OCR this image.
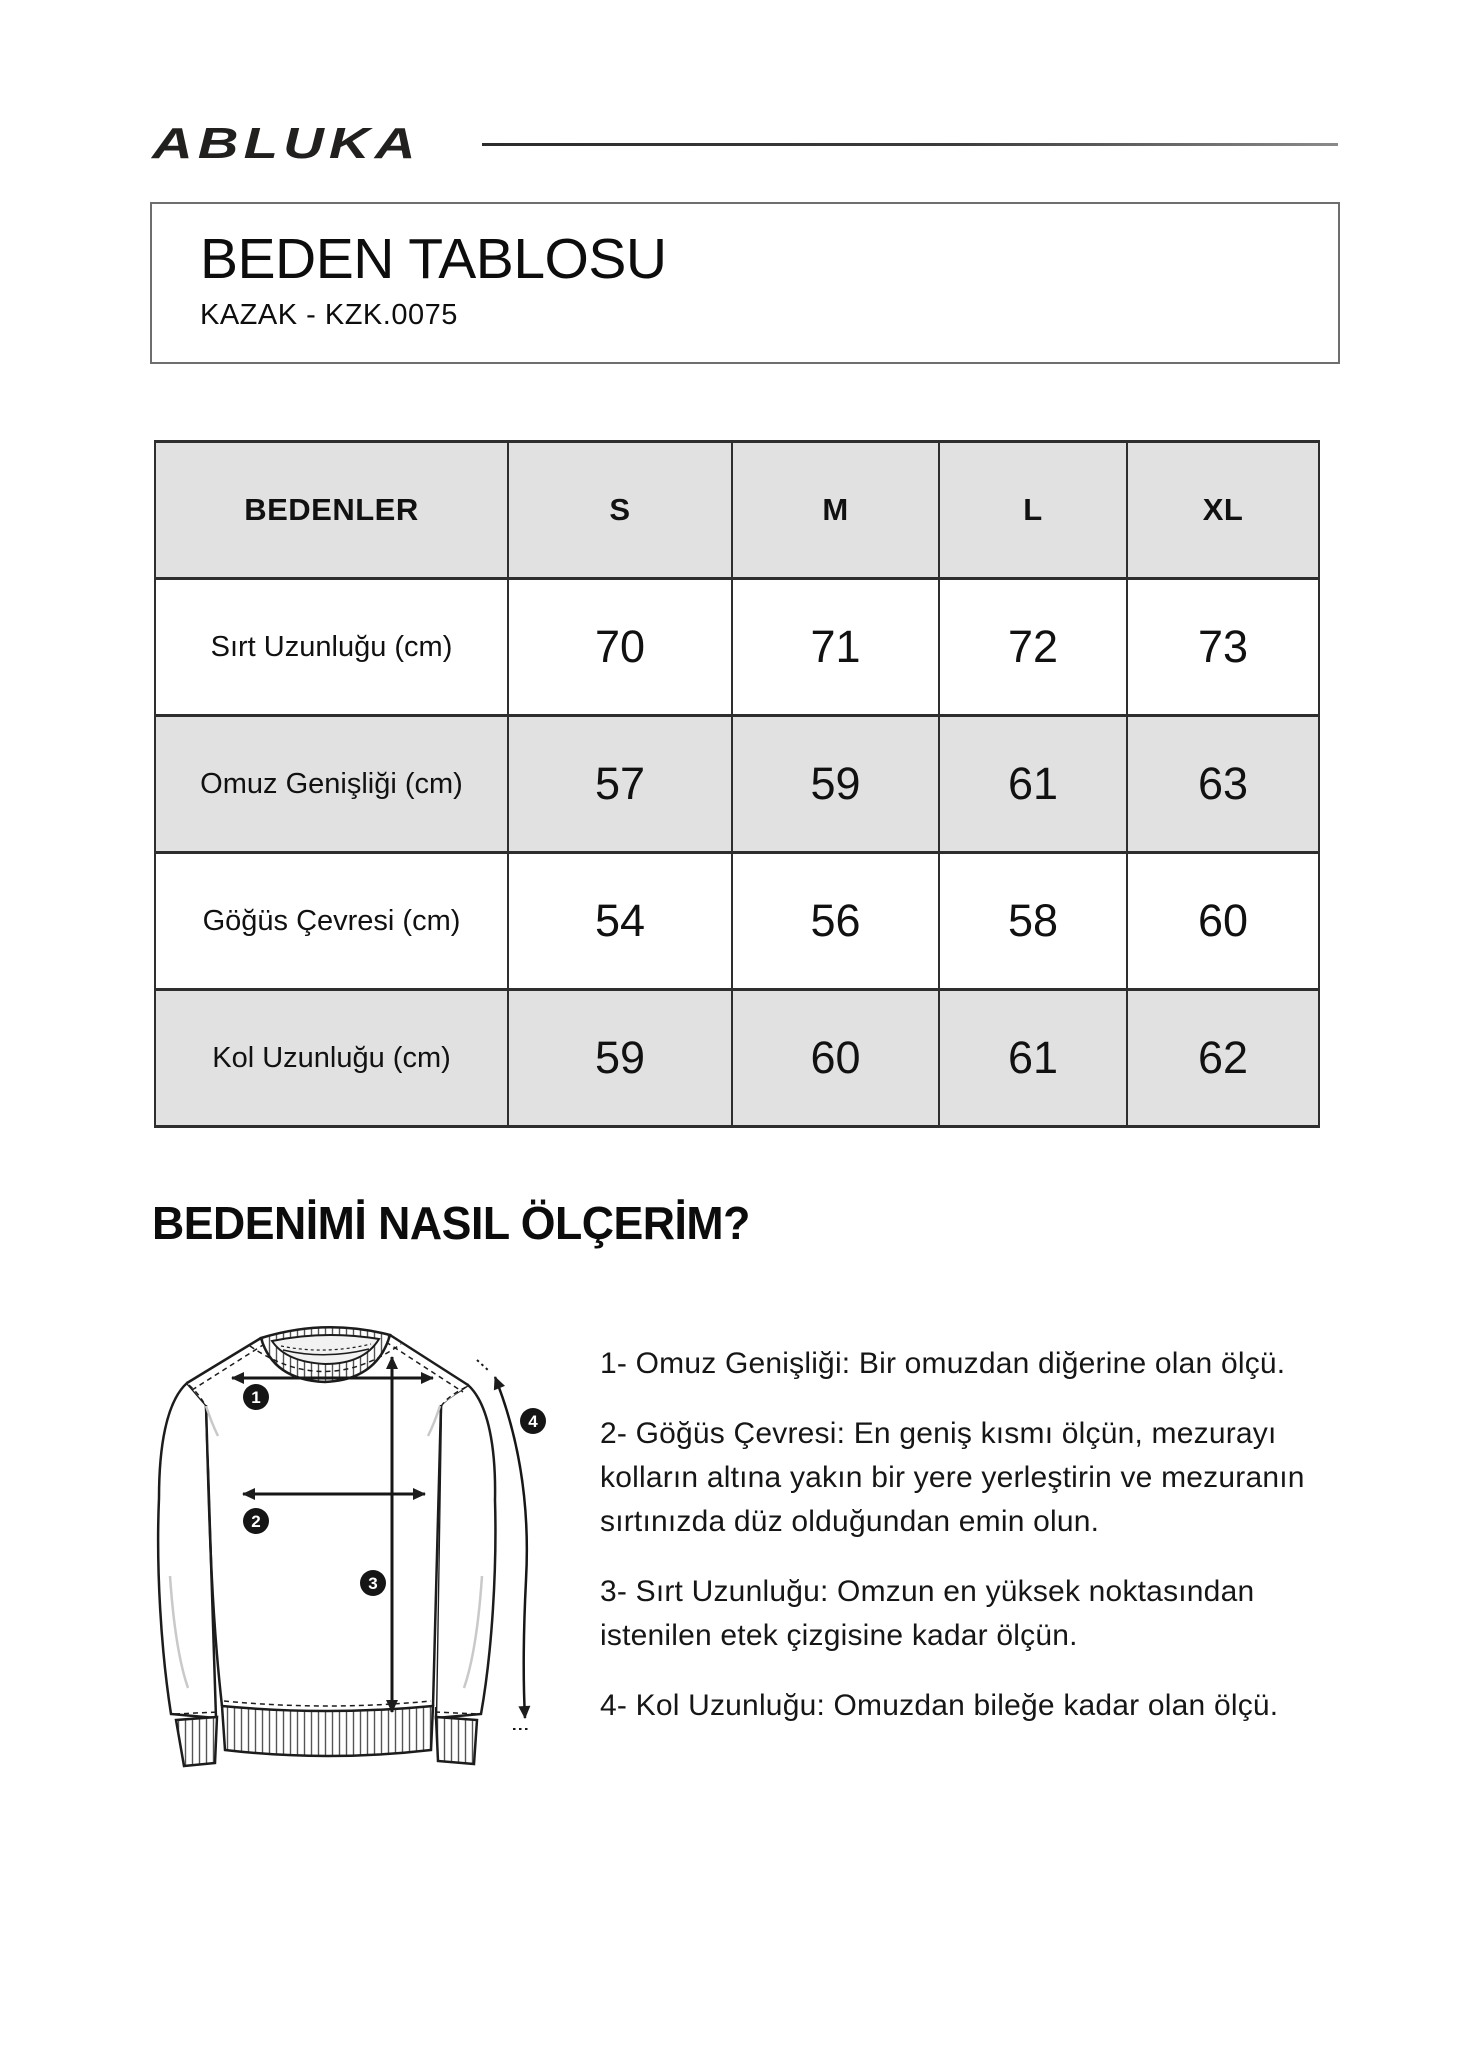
ABLUKA
BEDEN TABLOSU
KAZAK - KZK.0075
BEDENLER	S	M	L	XL
Sırt Uzunluğu (cm)	70	71	72	73
Omuz Genişliği (cm)	57	59	61	63
Göğüs Çevresi (cm)	54	56	58	60
Kol Uzunluğu (cm)	59	60	61	62
BEDENİMİ NASIL ÖLÇERİM?
1
2
3
4

1- Omuz Genişliği: Bir omuzdan diğerine olan ölçü.

2- Göğüs Çevresi: En geniş kısmı ölçün, mezurayı kolların altına yakın bir yere yerleştirin ve mezuranın sırtınızda düz olduğundan emin olun.

3- Sırt Uzunluğu: Omzun en yüksek noktasından istenilen etek çizgisine kadar ölçün.

4- Kol Uzunluğu: Omuzdan bileğe kadar olan ölçü.
